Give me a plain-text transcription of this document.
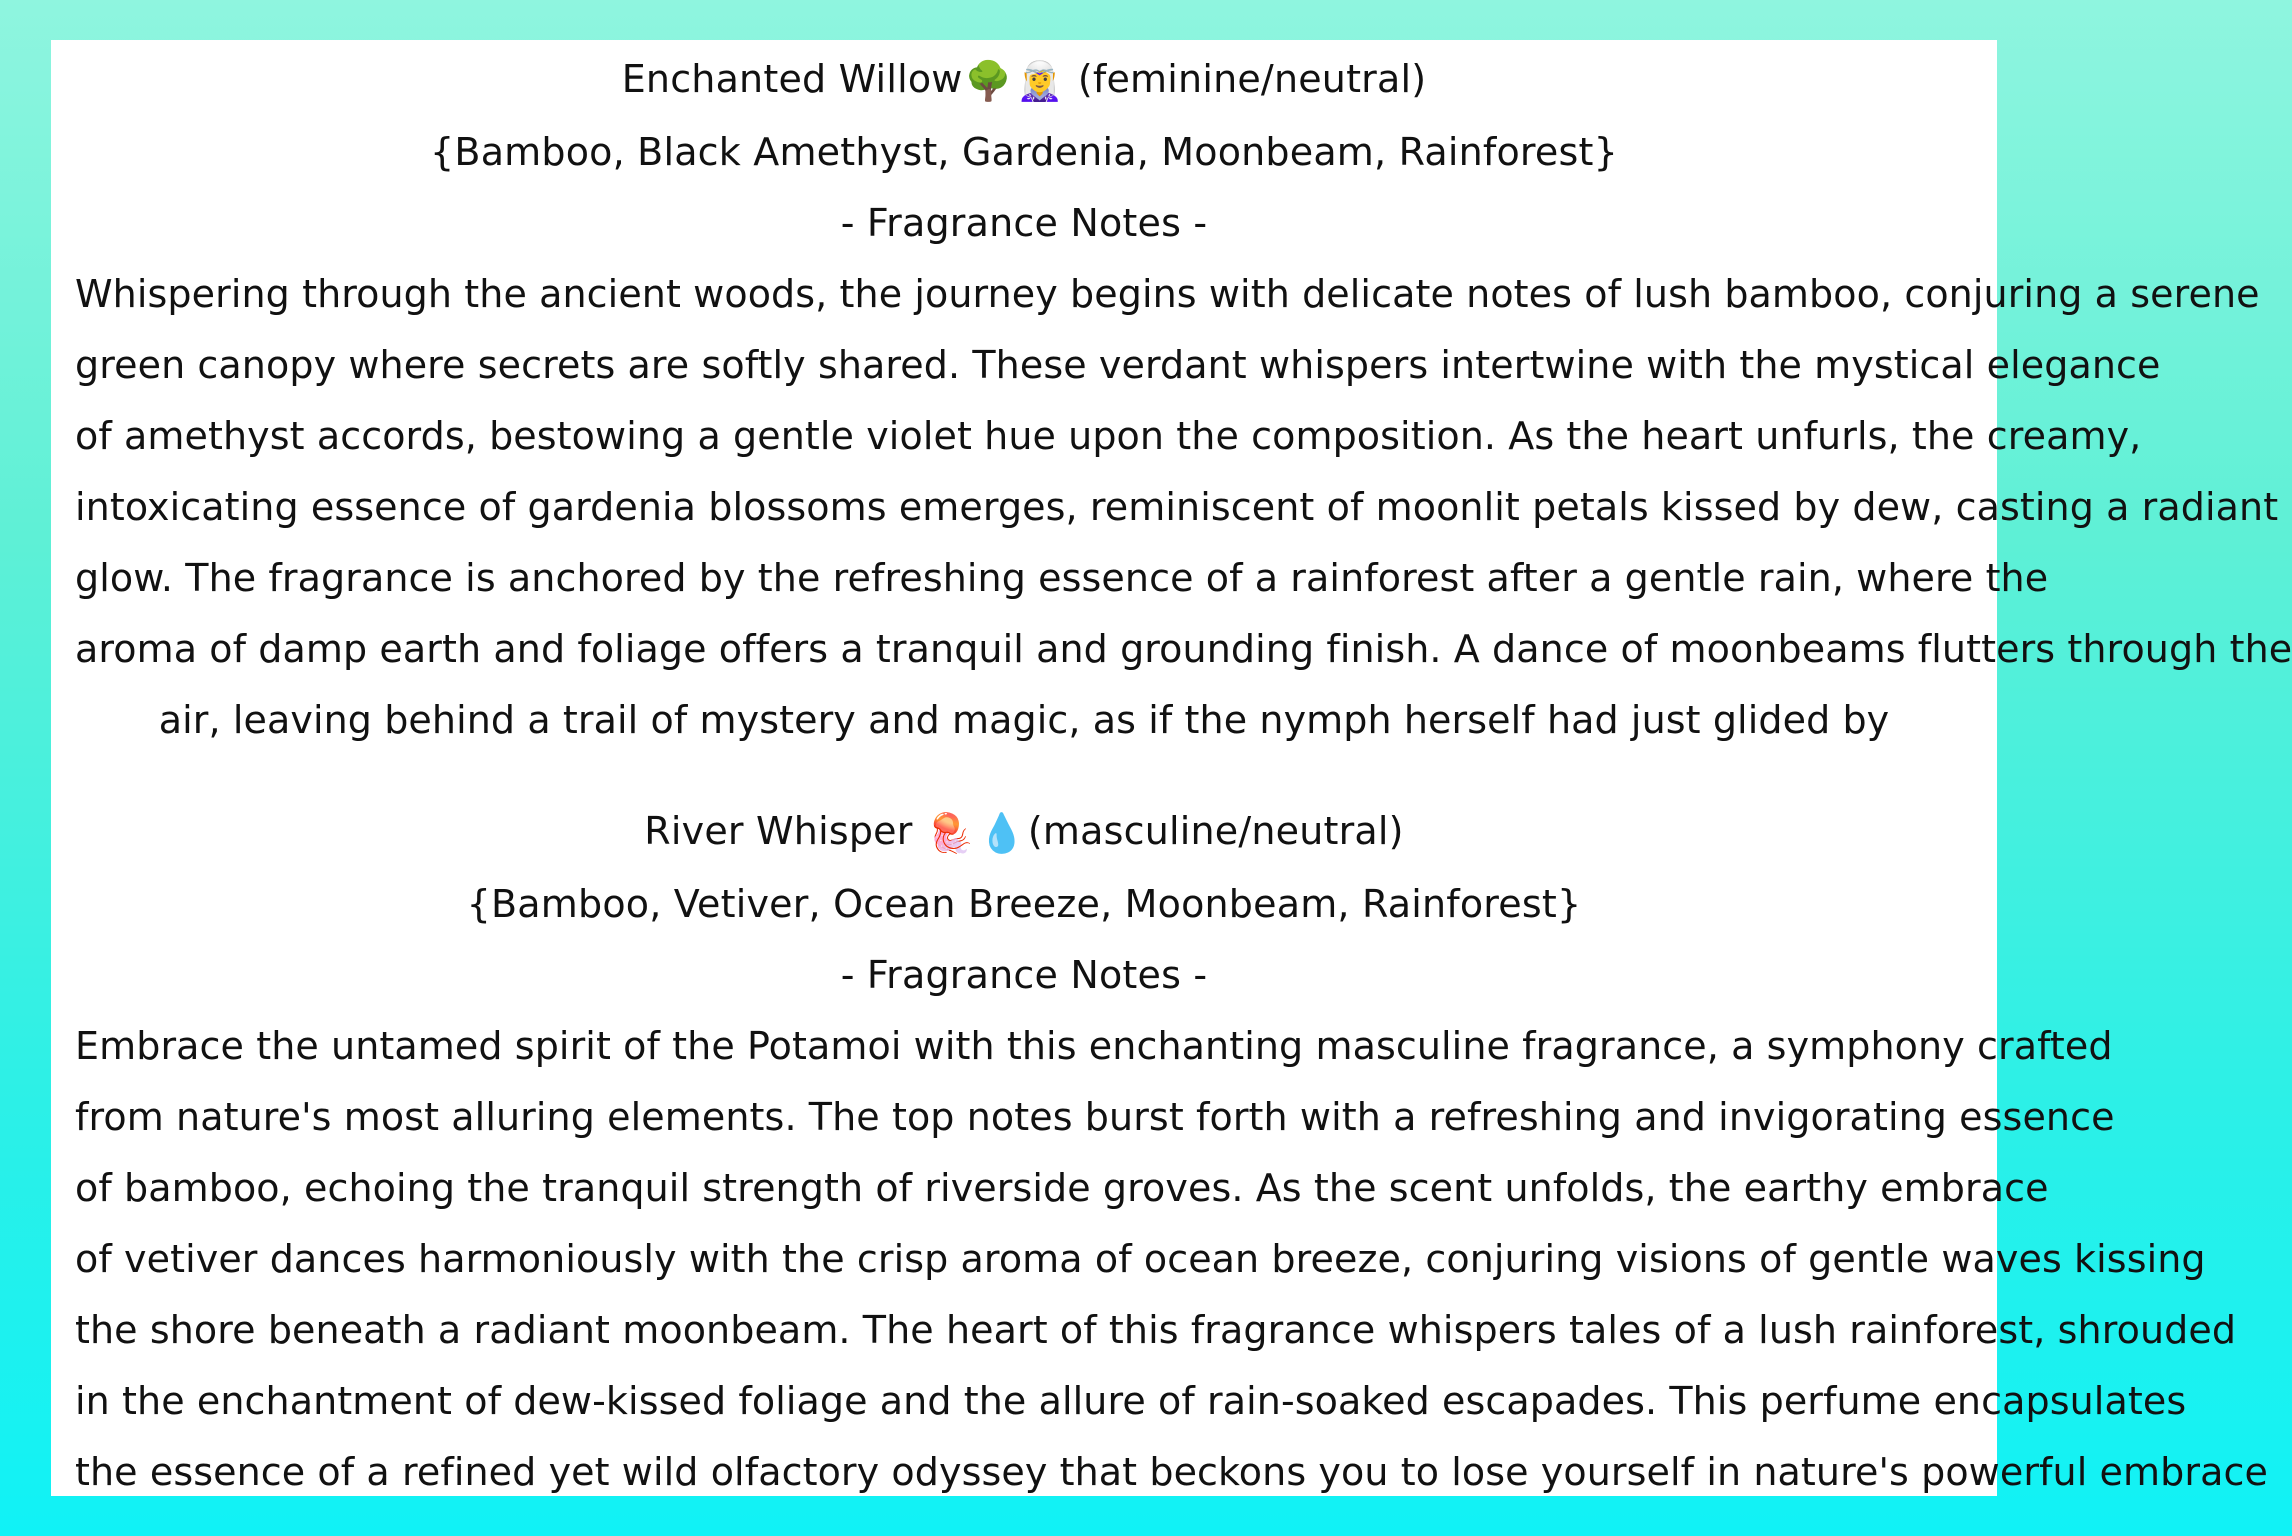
Enchanted Willow🌳 🧝‍♀️ (feminine/neutral)
{Bamboo, Black Amethyst, Gardenia, Moonbeam, Rainforest}
- Fragrance Notes -
Whispering through the ancient woods, the journey begins with delicate notes of lush bamboo, conjuring a serene
green canopy where secrets are softly shared. These verdant whispers intertwine with the mystical elegance
of amethyst accords, bestowing a gentle violet hue upon the composition. As the heart unfurls, the creamy,
intoxicating essence of gardenia blossoms emerges, reminiscent of moonlit petals kissed by dew, casting a radiant
glow. The fragrance is anchored by the refreshing essence of a rainforest after a gentle rain, where the
aroma of damp earth and foliage offers a tranquil and grounding finish. A dance of moonbeams flutters through the
air, leaving behind a trail of mystery and magic, as if the nymph herself had just glided by
River Whisper 🪼 💧(masculine/neutral)
{Bamboo, Vetiver, Ocean Breeze, Moonbeam, Rainforest}
- Fragrance Notes -
Embrace the untamed spirit of the Potamoi with this enchanting masculine fragrance, a symphony crafted
from nature's most alluring elements. The top notes burst forth with a refreshing and invigorating essence
of bamboo, echoing the tranquil strength of riverside groves. As the scent unfolds, the earthy embrace
of vetiver dances harmoniously with the crisp aroma of ocean breeze, conjuring visions of gentle waves kissing
the shore beneath a radiant moonbeam. The heart of this fragrance whispers tales of a lush rainforest, shrouded
in the enchantment of dew-kissed foliage and the allure of rain-soaked escapades. This perfume encapsulates
the essence of a refined yet wild olfactory odyssey that beckons you to lose yourself in nature's powerful embrace
